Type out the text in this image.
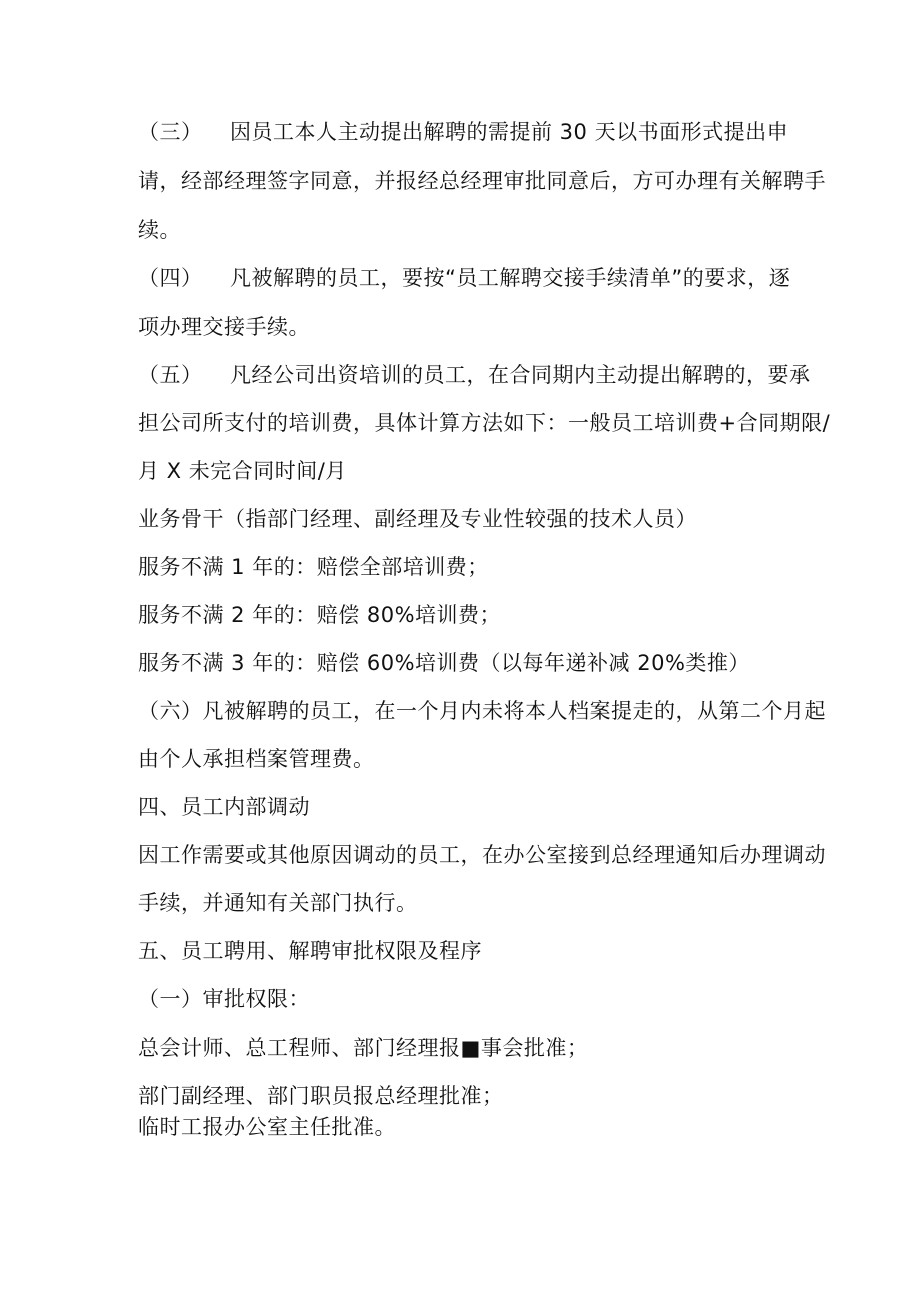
（三） 因员工本人主动提出解聘的需提前 30 天以书面形式提出申
请，经部经理签字同意，并报经总经理审批同意后，方可办理有关解聘手
续。
（四） 凡被解聘的员工，要按“员工解聘交接手续清单”的要求，逐
项办理交接手续。
（五） 凡经公司出资培训的员工，在合同期内主动提出解聘的，要承
担公司所支付的培训费，具体计算方法如下：一般员工培训费+合同期限/
月 X 未完合同时间/月
业务骨干（指部门经理、副经理及专业性较强的技术人员）
服务不满 1 年的：赔偿全部培训费；
服务不满 2 年的：赔偿 80%培训费；
服务不满 3 年的：赔偿 60%培训费（以每年递补减 20%类推）
（六）凡被解聘的员工，在一个月内未将本人档案提走的，从第二个月起
由个人承担档案管理费。
四、员工内部调动
因工作需要或其他原因调动的员工，在办公室接到总经理通知后办理调动
手续，并通知有关部门执行。
五、员工聘用、解聘审批权限及程序
（一）审批权限：
总会计师、总工程师、部门经理报■事会批准；
部门副经理、部门职员报总经理批准；
临时工报办公室主任批准。
